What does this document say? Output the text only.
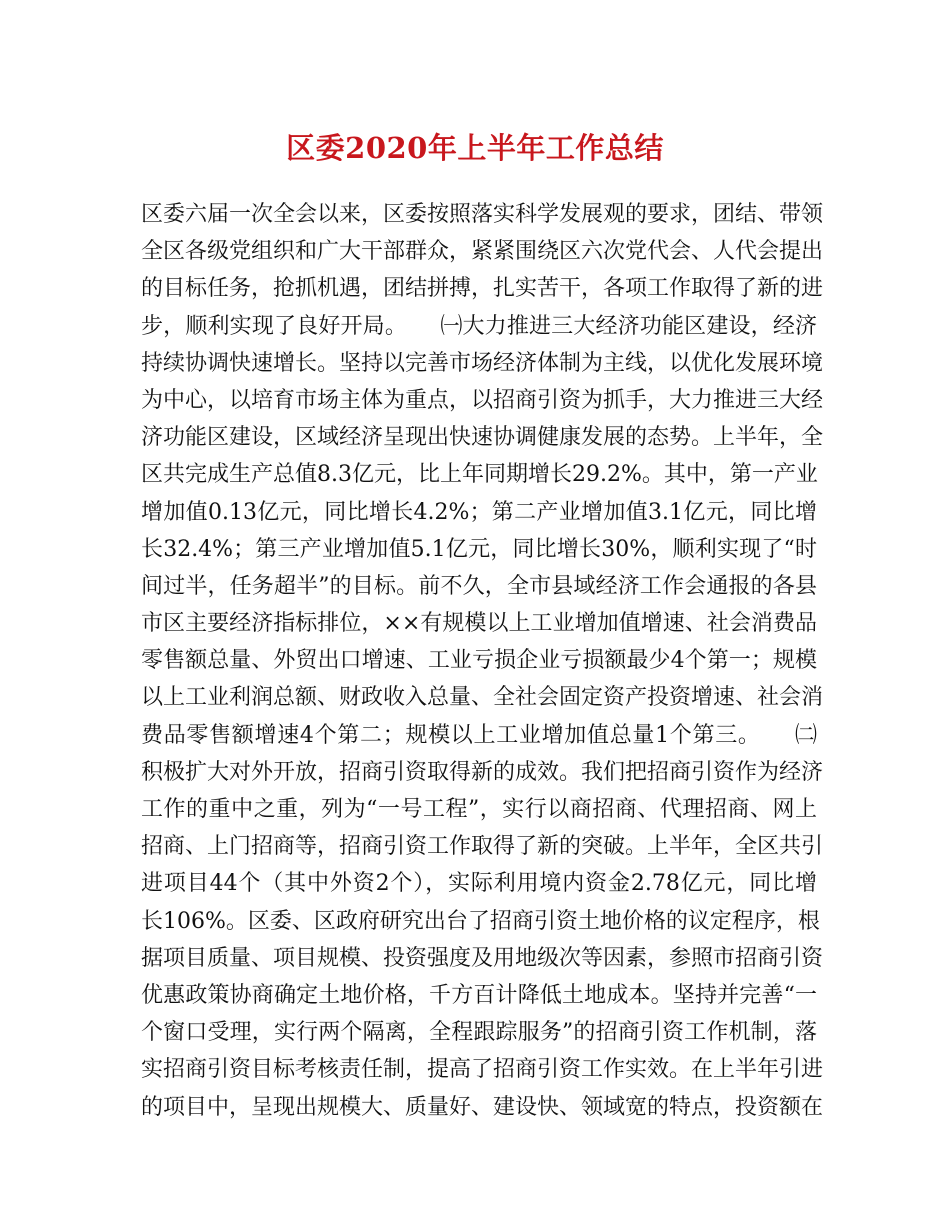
区委2020年上半年工作总结
区委六届一次全会以来，区委按照落实科学发展观的要求，团结、带领
全区各级党组织和广大干部群众，紧紧围绕区六次党代会、人代会提出
的目标任务，抢抓机遇，团结拼搏，扎实苦干，各项工作取得了新的进
步，顺利实现了良好开局。　　㈠大力推进三大经济功能区建设，经济
持续协调快速增长。坚持以完善市场经济体制为主线，以优化发展环境
为中心，以培育市场主体为重点，以招商引资为抓手，大力推进三大经
济功能区建设，区域经济呈现出快速协调健康发展的态势。上半年，全
区共完成生产总值8.3亿元，比上年同期增长29.2%。其中，第一产业
增加值0.13亿元，同比增长4.2%；第二产业增加值3.1亿元，同比增
长32.4%；第三产业增加值5.1亿元，同比增长30%，顺利实现了“时
间过半，任务超半”的目标。前不久，全市县域经济工作会通报的各县
市区主要经济指标排位，××有规模以上工业增加值增速、社会消费品
零售额总量、外贸出口增速、工业亏损企业亏损额最少4个第一；规模
以上工业利润总额、财政收入总量、全社会固定资产投资增速、社会消
费品零售额增速4个第二；规模以上工业增加值总量1个第三。　　㈡
积极扩大对外开放，招商引资取得新的成效。我们把招商引资作为经济
工作的重中之重，列为“一号工程”，实行以商招商、代理招商、网上
招商、上门招商等，招商引资工作取得了新的突破。上半年，全区共引
进项目44个（其中外资2个），实际利用境内资金2.78亿元，同比增
长106%。区委、区政府研究出台了招商引资土地价格的议定程序，根
据项目质量、项目规模、投资强度及用地级次等因素，参照市招商引资
优惠政策协商确定土地价格，千方百计降低土地成本。坚持并完善“一
个窗口受理，实行两个隔离，全程跟踪服务”的招商引资工作机制，落
实招商引资目标考核责任制，提高了招商引资工作实效。在上半年引进
的项目中，呈现出规模大、质量好、建设快、领域宽的特点，投资额在
